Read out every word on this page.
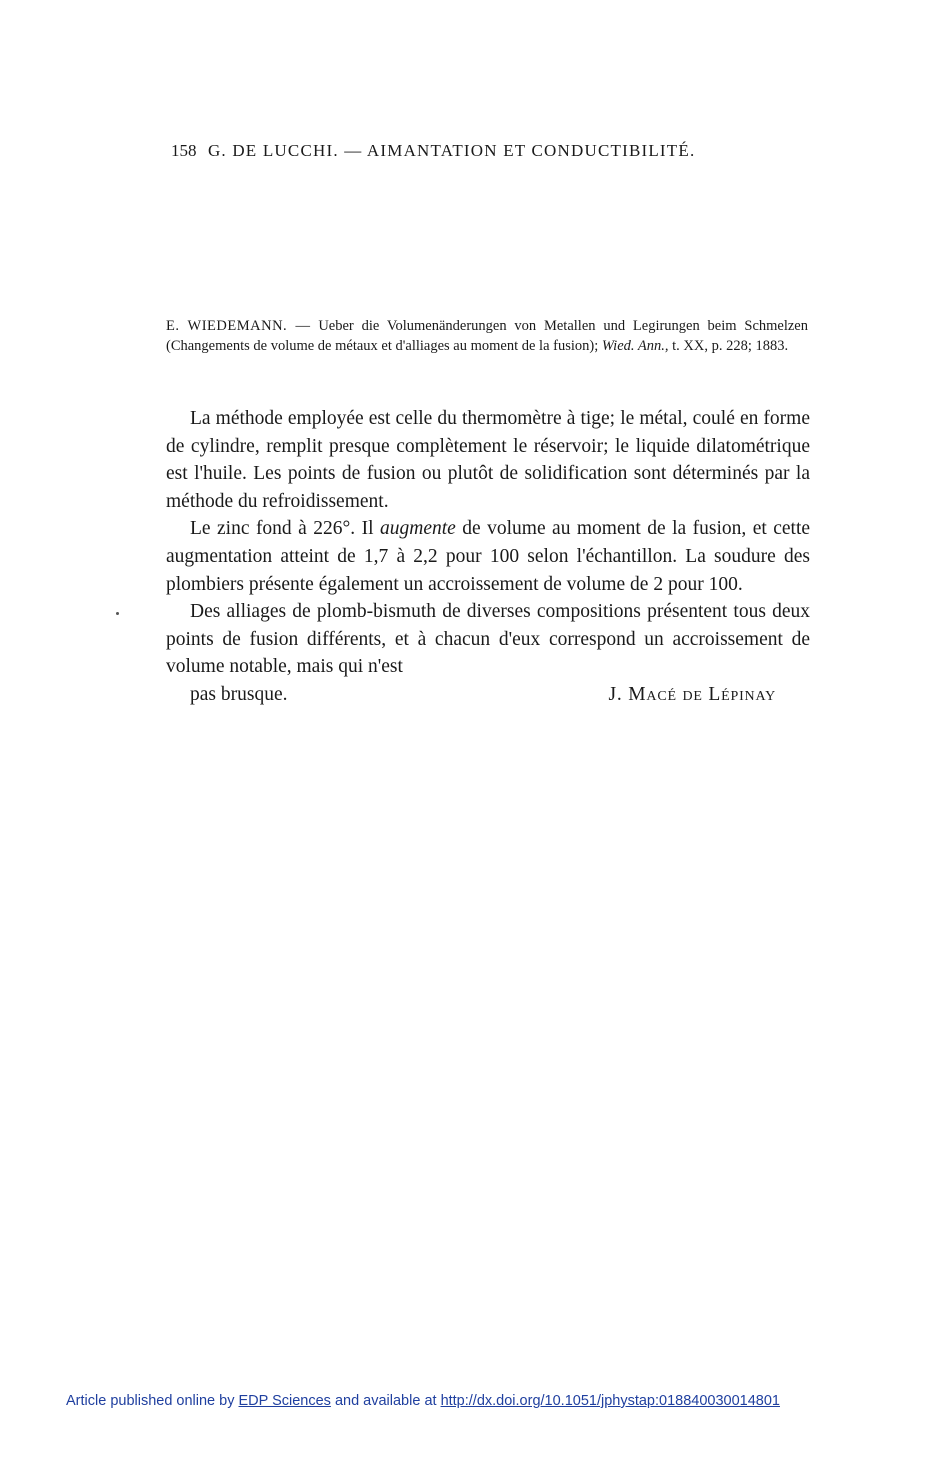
158 G. DE LUCCHI. — AIMANTATION ET CONDUCTIBILITÉ.
E. WIEDEMANN. — Ueber die Volumenänderungen von Metallen und Legirungen beim Schmelzen (Changements de volume de métaux et d'alliages au moment de la fusion); Wied. Ann., t. XX, p. 228; 1883.

La méthode employée est celle du thermomètre à tige; le métal, coulé en forme de cylindre, remplit presque complètement le réservoir; le liquide dilatométrique est l'huile. Les points de fusion ou plutôt de solidification sont déterminés par la méthode du refroidissement.

Le zinc fond à 226°. Il augmente de volume au moment de la fusion, et cette augmentation atteint de 1,7 à 2,2 pour 100 selon l'échantillon. La soudure des plombiers présente également un accroissement de volume de 2 pour 100.

Des alliages de plomb-bismuth de diverses compositions présentent tous deux points de fusion différents, et à chacun d'eux correspond un accroissement de volume notable, mais qui n'est

pas brusque.	J. Macé de Lépinay

Article published online by EDP Sciences and available at http://dx.doi.org/10.1051/jphystap:018840030014801
